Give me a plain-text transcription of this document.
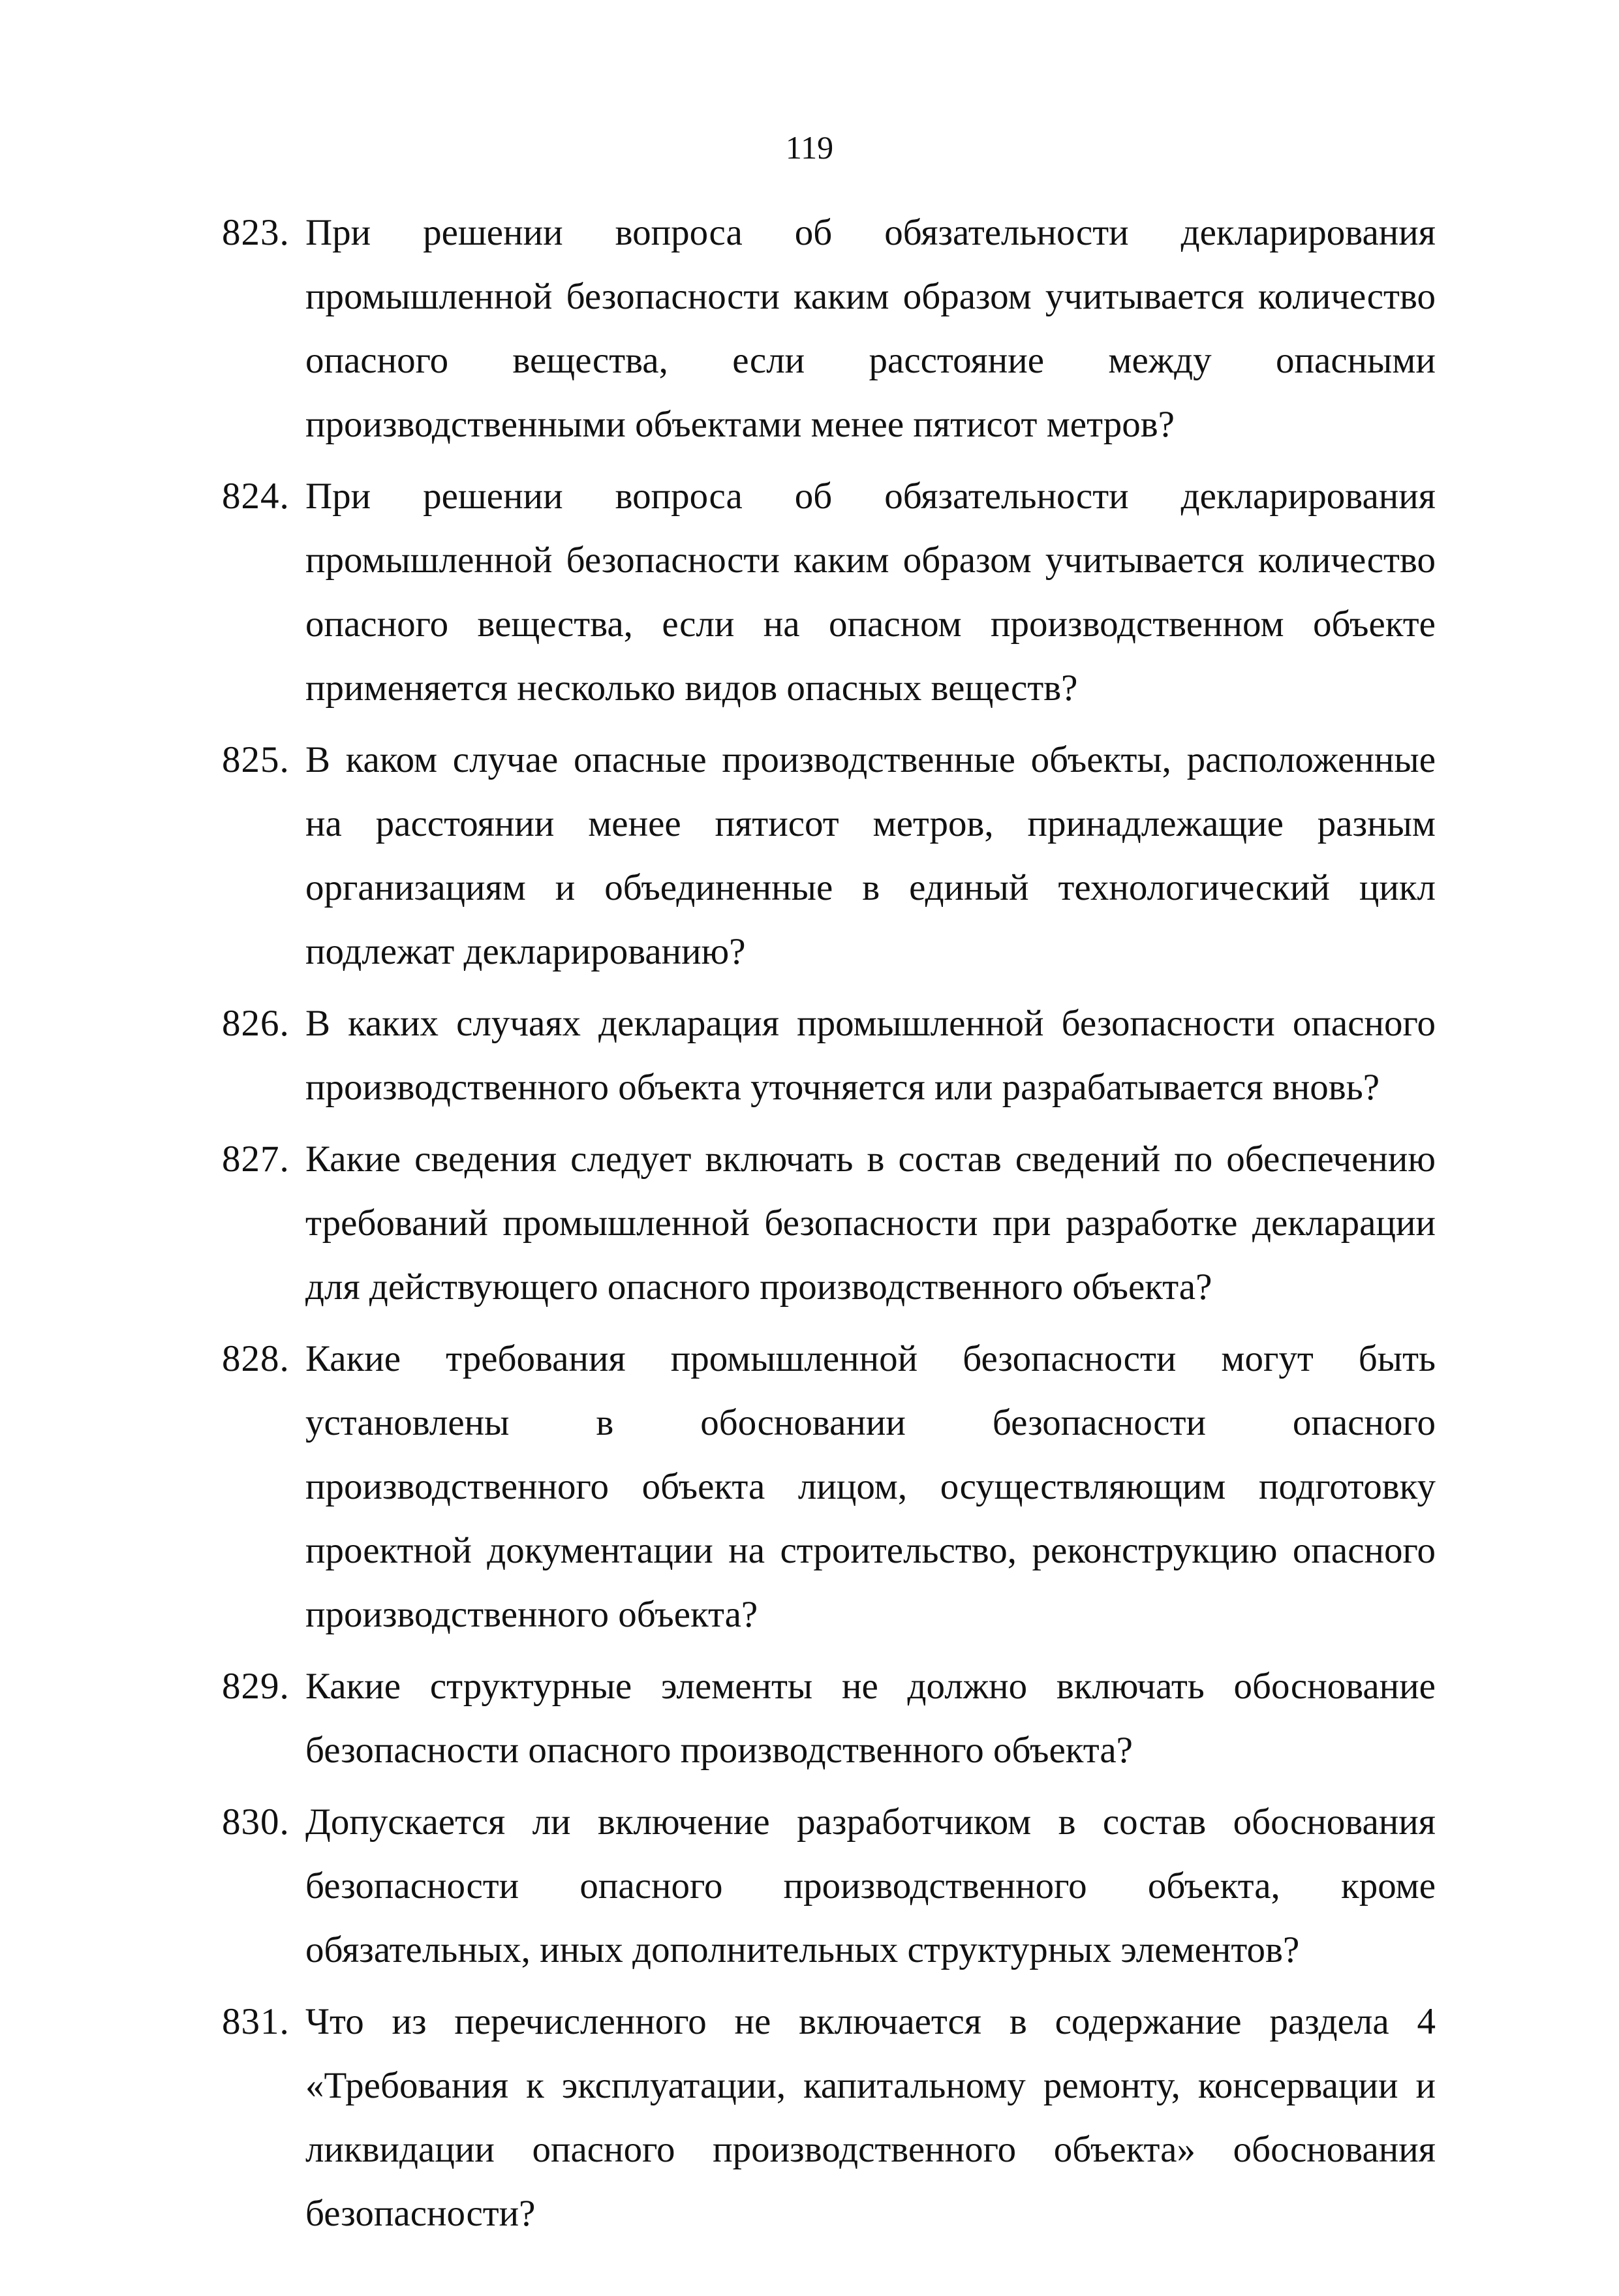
119
823. При решении вопроса об обязательности декларирования промышленной безопасности каким образом учитывается количество опасного вещества, если расстояние между опасными производственными объектами менее пятисот метров?
824. При решении вопроса об обязательности декларирования промышленной безопасности каким образом учитывается количество опасного вещества, если на опасном производственном объекте применяется несколько видов опасных веществ?
825. В каком случае опасные производственные объекты, расположенные на расстоянии менее пятисот метров, принадлежащие разным организациям и объединенные в единый технологический цикл подлежат декларированию?
826. В каких случаях декларация промышленной безопасности опасного производственного объекта уточняется или разрабатывается вновь?
827. Какие сведения следует включать в состав сведений по обеспечению требований промышленной безопасности при разработке декларации для действующего опасного производственного объекта?
828. Какие требования промышленной безопасности могут быть установлены в обосновании безопасности опасного производственного объекта лицом, осуществляющим подготовку проектной документации на строительство, реконструкцию опасного производственного объекта?
829. Какие структурные элементы не должно включать обоснование безопасности опасного производственного объекта?
830. Допускается ли включение разработчиком в состав обоснования безопасности опасного производственного объекта, кроме обязательных, иных дополнительных структурных элементов?
831. Что из перечисленного не включается в содержание раздела 4 «Требования к эксплуатации, капитальному ремонту, консервации и ликвидации опасного производственного объекта» обоснования безопасности?
